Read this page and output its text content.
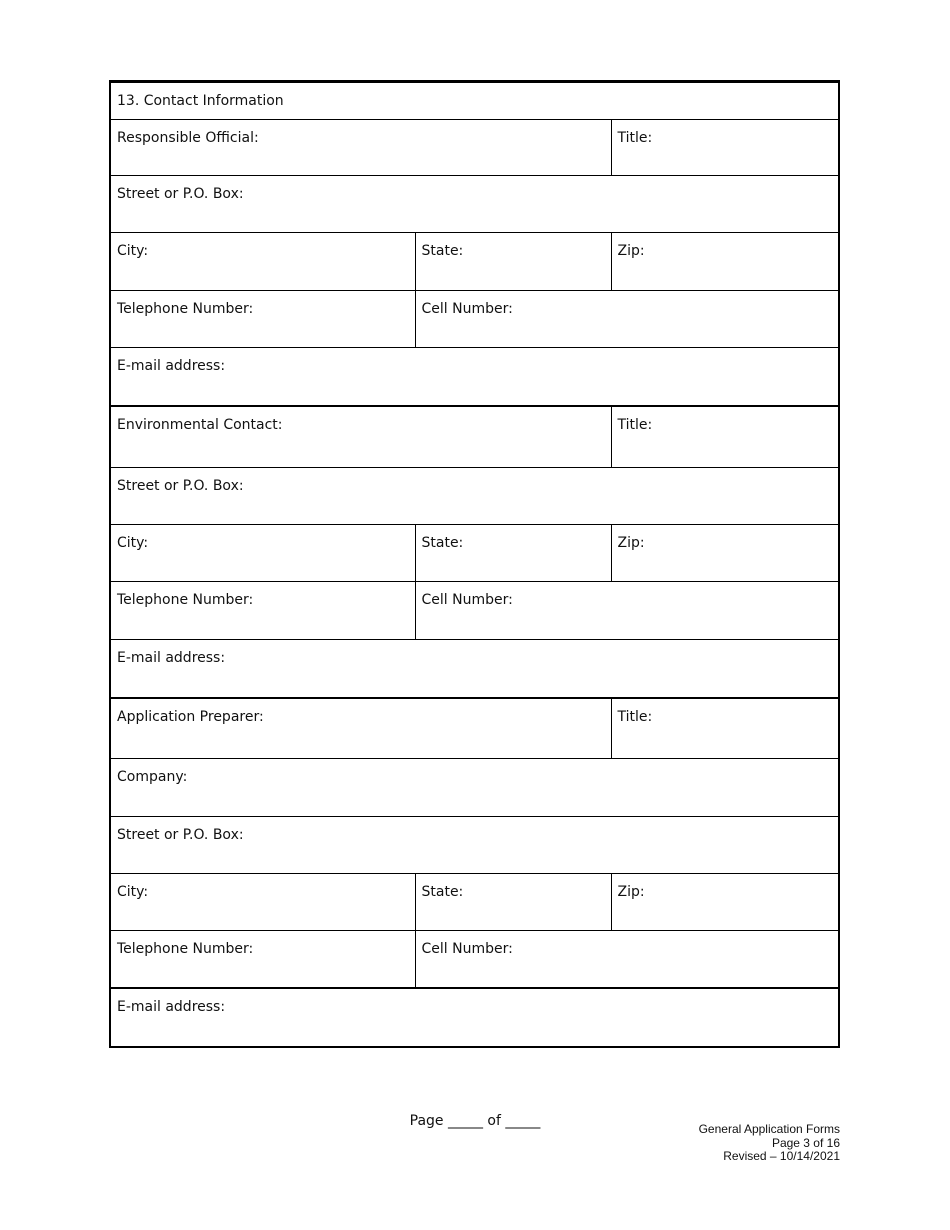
13. Contact Information		
Responsible Official:		Title:
Street or P.O. Box:		
City:	State:	Zip:
Telephone Number:	Cell Number:	
E-mail address:		
Environmental Contact:		Title:
Street or P.O. Box:		
City:	State:	Zip:
Telephone Number:	Cell Number:	
E-mail address:		
Application Preparer:		Title:
Company:		
Street or P.O. Box:		
City:	State:	Zip:
Telephone Number:	Cell Number:	
E-mail address:		
Page _____ of _____	General Application Forms
Page 3 of 16
Revised – 10/14/2021
